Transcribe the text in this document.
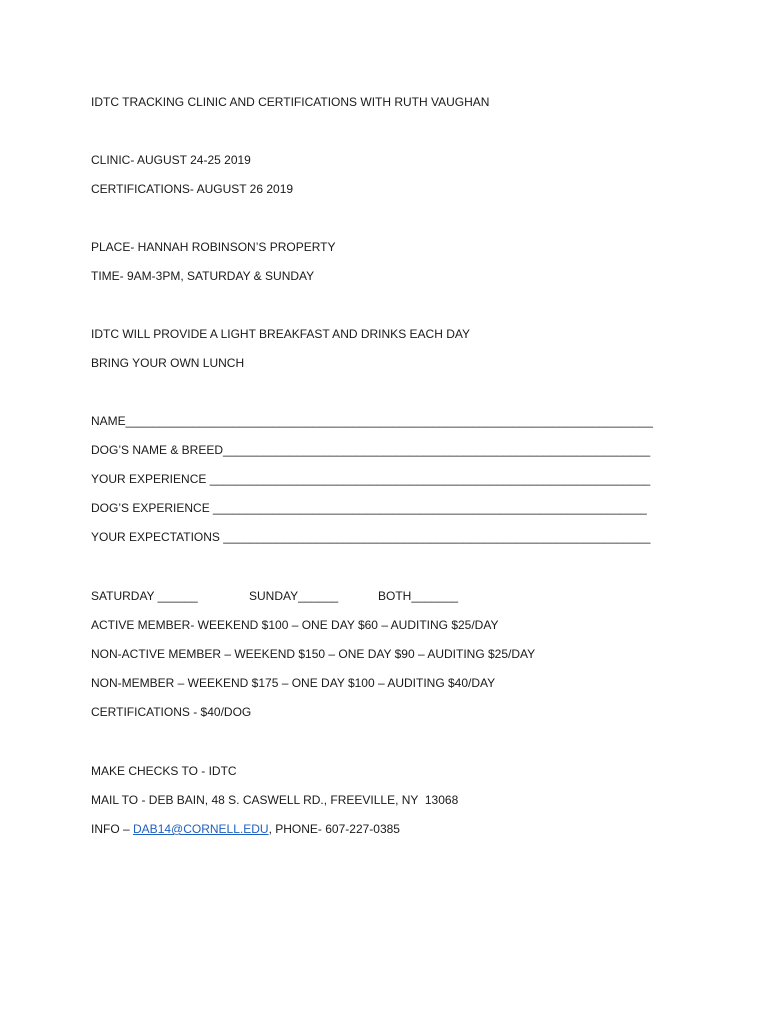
IDTC TRACKING CLINIC AND CERTIFICATIONS WITH RUTH VAUGHAN
CLINIC- AUGUST 24-25 2019
CERTIFICATIONS- AUGUST 26 2019
PLACE- HANNAH ROBINSON’S PROPERTY
TIME- 9AM-3PM, SATURDAY & SUNDAY
IDTC WILL PROVIDE A LIGHT BREAKFAST AND DRINKS EACH DAY
BRING YOUR OWN LUNCH
NAME_______________________________________________________________________________
DOG’S NAME & BREED________________________________________________________________
YOUR EXPERIENCE __________________________________________________________________
DOG’S EXPERIENCE _________________________________________________________________
YOUR EXPECTATIONS ________________________________________________________________
SATURDAY ______	SUNDAY______	BOTH_______
ACTIVE MEMBER- WEEKEND $100 – ONE DAY $60 – AUDITING $25/DAY
NON-ACTIVE MEMBER – WEEKEND $150 – ONE DAY $90 – AUDITING $25/DAY
NON-MEMBER – WEEKEND $175 – ONE DAY $100 – AUDITING $40/DAY
CERTIFICATIONS - $40/DOG
MAKE CHECKS TO - IDTC
MAIL TO - DEB BAIN, 48 S. CASWELL RD., FREEVILLE, NY  13068
INFO – DAB14@CORNELL.EDU, PHONE- 607-227-0385
